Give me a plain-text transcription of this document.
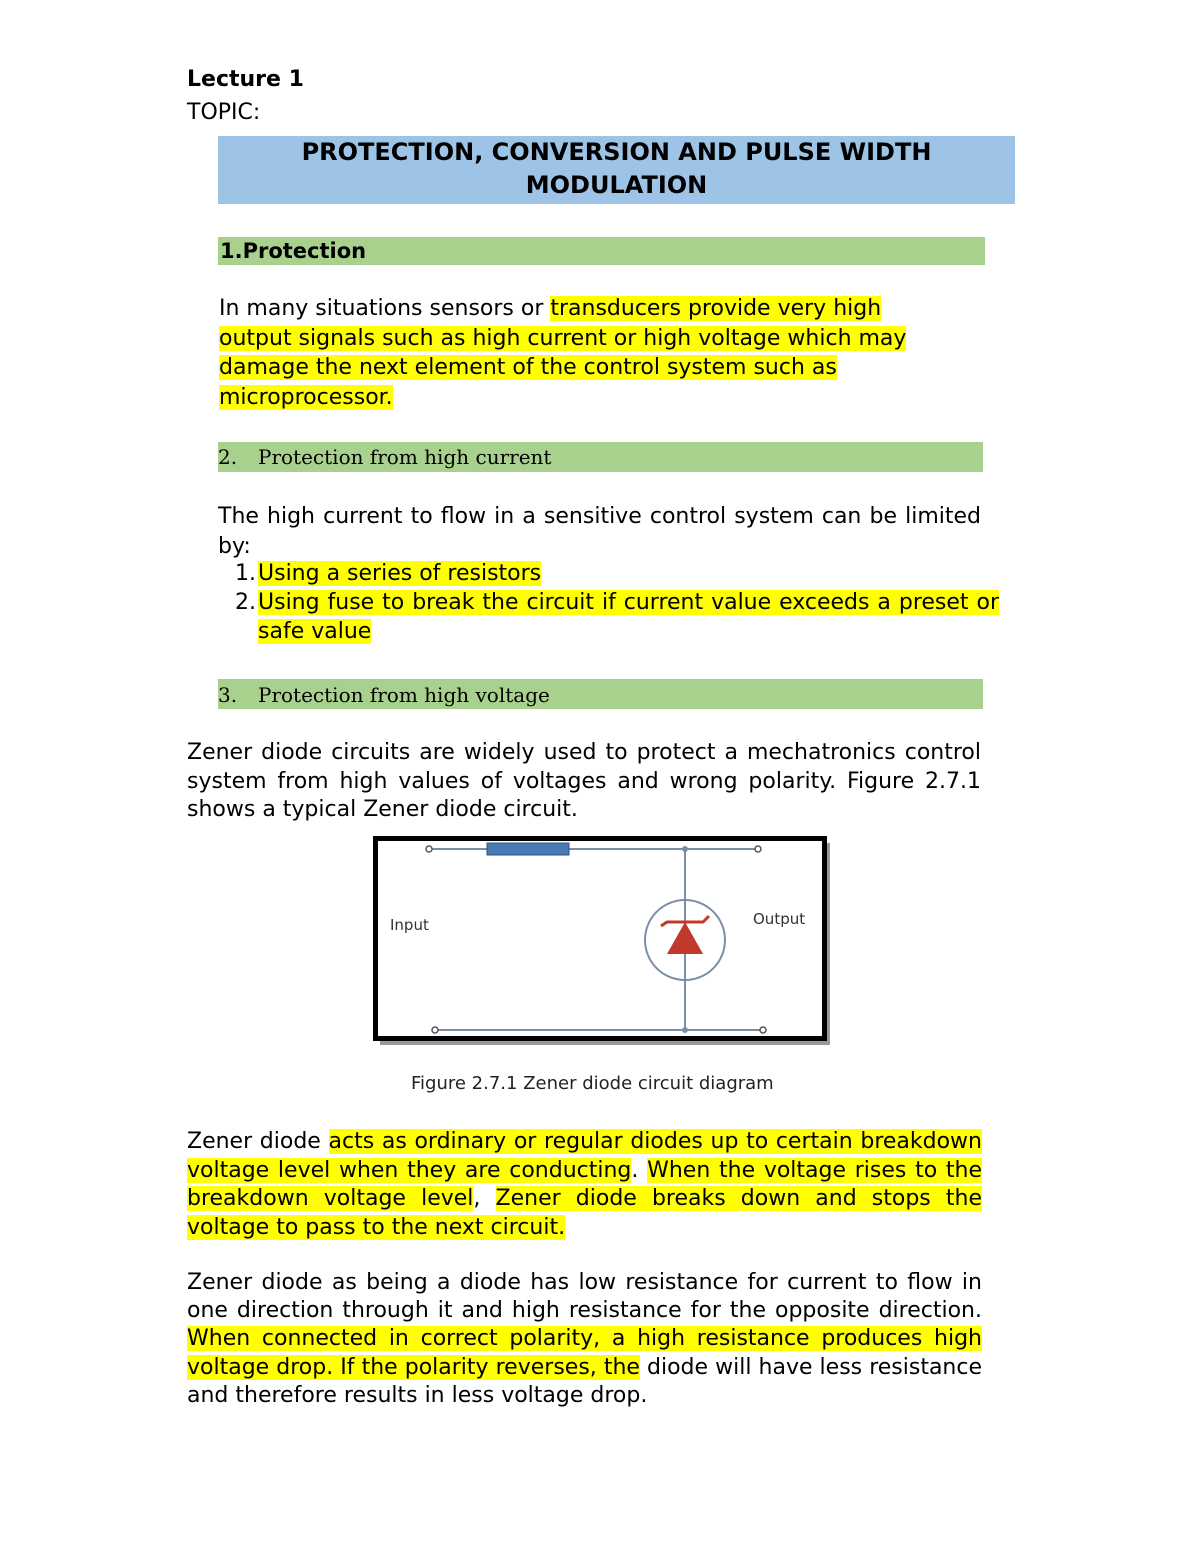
Lecture 1
TOPIC:
PROTECTION, CONVERSION AND PULSE WIDTH
MODULATION
1.Protection
In many situations sensors or transducers provide very high
output signals such as high current or high voltage which may
damage the next element of the control system such as
microprocessor.
2. Protection from high current
The high current to flow in a sensitive control system can be limited by:
1. Using a series of resistors
2. Using fuse to break the circuit if current value exceeds a preset or safe value
3. Protection from high voltage
Zener diode circuits are widely used to protect a mechatronics control system from high values of voltages and wrong polarity. Figure 2.7.1 shows a typical Zener diode circuit.
Input	Output
Figure 2.7.1 Zener diode circuit diagram
Zener diode acts as ordinary or regular diodes up to certain breakdown voltage level when they are conducting. When the voltage rises to the breakdown voltage level, Zener diode breaks down and stops the voltage to pass to the next circuit.
Zener diode as being a diode has low resistance for current to flow in one direction through it and high resistance for the opposite direction. When connected in correct polarity, a high resistance produces high voltage drop. If the polarity reverses, the diode will have less resistance and therefore results in less voltage drop.
